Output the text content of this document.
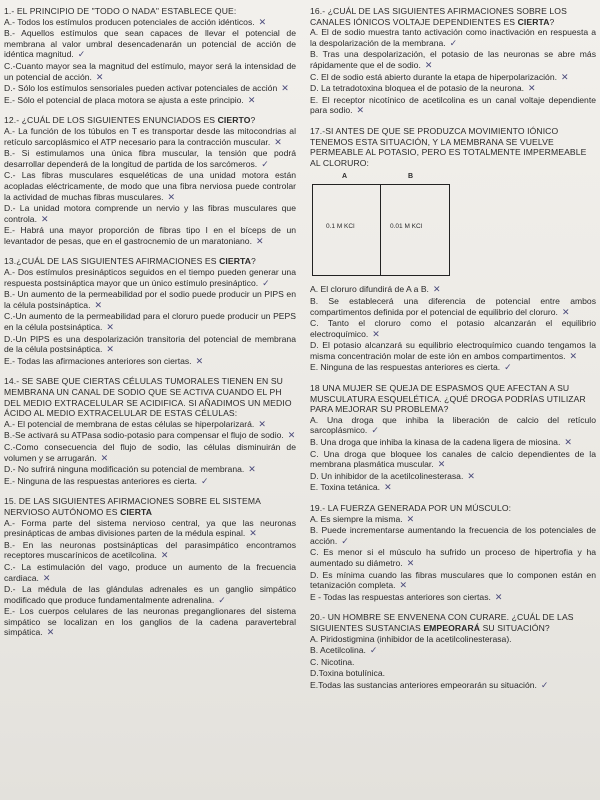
1.- EL PRINCIPIO DE "TODO O NADA" ESTABLECE QUE:

A.- Todos los estímulos producen potenciales de acción idénticos. ✕

B.- Aquellos estímulos que sean capaces de llevar el potencial de membrana al valor umbral desencadenarán un potencial de acción de idéntica magnitud. ✓

C.-Cuanto mayor sea la magnitud del estímulo, mayor será la intensidad de un potencial de acción. ✕

D.- Sólo los estímulos sensoriales pueden activar potenciales de acción ✕

E.- Sólo el potencial de placa motora se ajusta a este principio. ✕

12.- ¿CUÁL DE LOS SIGUIENTES ENUNCIADOS ES CIERTO?

A.- La función de los túbulos en T es transportar desde las mitocondrias al retículo sarcoplásmico el ATP necesario para la contracción muscular. ✕

B.- Si estimulamos una única fibra muscular, la tensión que podrá desarrollar dependerá de la longitud de partida de los sarcómeros. ✓

C.- Las fibras musculares esqueléticas de una unidad motora están acopladas eléctricamente, de modo que una fibra nerviosa puede controlar la actividad de muchas fibras musculares. ✕

D.- La unidad motora comprende un nervio y las fibras musculares que controla. ✕

E.- Habrá una mayor proporción de fibras tipo I en el bíceps de un levantador de pesas, que en el gastrocnemio de un maratoniano. ✕

13.¿CUÁL DE LAS SIGUIENTES AFIRMACIONES ES CIERTA?

A.- Dos estímulos presinápticos seguidos en el tiempo pueden generar una respuesta postsináptica mayor que un único estímulo presináptico. ✓

B.- Un aumento de la permeabilidad por el sodio puede producir un PIPS en la célula postsináptica. ✕

C.-Un aumento de la permeabilidad para el cloruro puede producir un PEPS en la célula postsináptica. ✕

D.-Un PIPS es una despolarización transitoria del potencial de membrana de la célula postsináptica. ✕

E.- Todas las afirmaciones anteriores son ciertas. ✕

14.- SE SABE QUE CIERTAS CÉLULAS TUMORALES TIENEN EN SU MEMBRANA UN CANAL DE SODIO QUE SE ACTIVA CUANDO EL PH DEL MEDIO EXTRACELULAR SE ACIDIFICA. SI AÑADIMOS UN MEDIO ÁCIDO AL MEDIO EXTRACELULAR DE ESTAS CÉLULAS:

A.- El potencial de membrana de estas células se hiperpolarizará. ✕

B.-Se activará su ATPasa sodio-potasio para compensar el flujo de sodio. ✕

C.-Como consecuencia del flujo de sodio, las células disminuirán de volumen y se arrugarán. ✕

D.- No sufrirá ninguna modificación su potencial de membrana. ✕

E.- Ninguna de las respuestas anteriores es cierta. ✓

15. DE LAS SIGUIENTES AFIRMACIONES SOBRE EL SISTEMA NERVIOSO AUTÓNOMO ES CIERTA

A.- Forma parte del sistema nervioso central, ya que las neuronas presinápticas de ambas divisiones parten de la médula espinal. ✕

B.- En las neuronas postsinápticas del parasimpático encontramos receptores muscarínicos de acetilcolina. ✕

C.- La estimulación del vago, produce un aumento de la frecuencia cardiaca. ✕

D.- La médula de las glándulas adrenales es un ganglio simpático modificado que produce fundamentalmente adrenalina. ✓

E.- Los cuerpos celulares de las neuronas preganglionares del sistema simpático se localizan en los ganglios de la cadena paravertebral simpática. ✕

16.- ¿CUÁL DE LAS SIGUIENTES AFIRMACIONES SOBRE LOS CANALES IÓNICOS VOLTAJE DEPENDIENTES ES CIERTA?

A. El de sodio muestra tanto activación como inactivación en respuesta a la despolarización de la membrana. ✓

B. Tras una despolarización, el potasio de las neuronas se abre más rápidamente que el de sodio. ✕

C. El de sodio está abierto durante la etapa de hiperpolarización. ✕

D. La tetradotoxina bloquea el de potasio de la neurona. ✕

E. El receptor nicotínico de acetilcolina es un canal voltaje dependiente para sodio. ✕

17.-SI ANTES DE QUE SE PRODUZCA MOVIMIENTO IÓNICO TENEMOS ESTA SITUACIÓN, Y LA MEMBRANA SE VUELVE PERMEABLE AL POTASIO, PERO ES TOTALMENTE IMPERMEABLE AL CLORURO:
A	B
0.1 M KCl	0.01 M KCl

A. El cloruro difundirá de A a B. ✕

B. Se establecerá una diferencia de potencial entre ambos compartimentos definida por el potencial de equilibrio del cloruro. ✕

C. Tanto el cloruro como el potasio alcanzarán el equilibrio electroquímico. ✕

D. El potasio alcanzará su equilibrio electroquímico cuando tengamos la misma concentración molar de este ión en ambos compartimentos. ✕

E. Ninguna de las respuestas anteriores es cierta. ✓

18 UNA MUJER SE QUEJA DE ESPASMOS QUE AFECTAN A SU MUSCULATURA ESQUELÉTICA. ¿QUÉ DROGA PODRÍAS UTILIZAR PARA MEJORAR SU PROBLEMA?

A. Una droga que inhiba la liberación de calcio del retículo sarcoplásmico. ✓

B. Una droga que inhiba la kinasa de la cadena ligera de miosina. ✕

C. Una droga que bloquee los canales de calcio dependientes de la membrana plasmática muscular. ✕

D. Un inhibidor de la acetilcolinesterasa. ✕

E. Toxina tetánica. ✕

19.- LA FUERZA GENERADA POR UN MÚSCULO:

A. Es siempre la misma. ✕

B. Puede incrementarse aumentando la frecuencia de los potenciales de acción. ✓

C. Es menor si el músculo ha sufrido un proceso de hipertrofia y ha aumentado su diámetro. ✕

D. Es mínima cuando las fibras musculares que lo componen están en tetanización completa. ✕

E - Todas las respuestas anteriores son ciertas. ✕

20.- UN HOMBRE SE ENVENENA CON CURARE. ¿CUÁL DE LAS SIGUIENTES SUSTANCIAS EMPEORARÁ SU SITUACIÓN?

A. Piridostigmina (inhibidor de la acetilcolinesterasa).

B. Acetilcolina. ✓

C. Nicotina.

D.Toxina botulínica.

E.Todas las sustancias anteriores empeorarán su situación. ✓
